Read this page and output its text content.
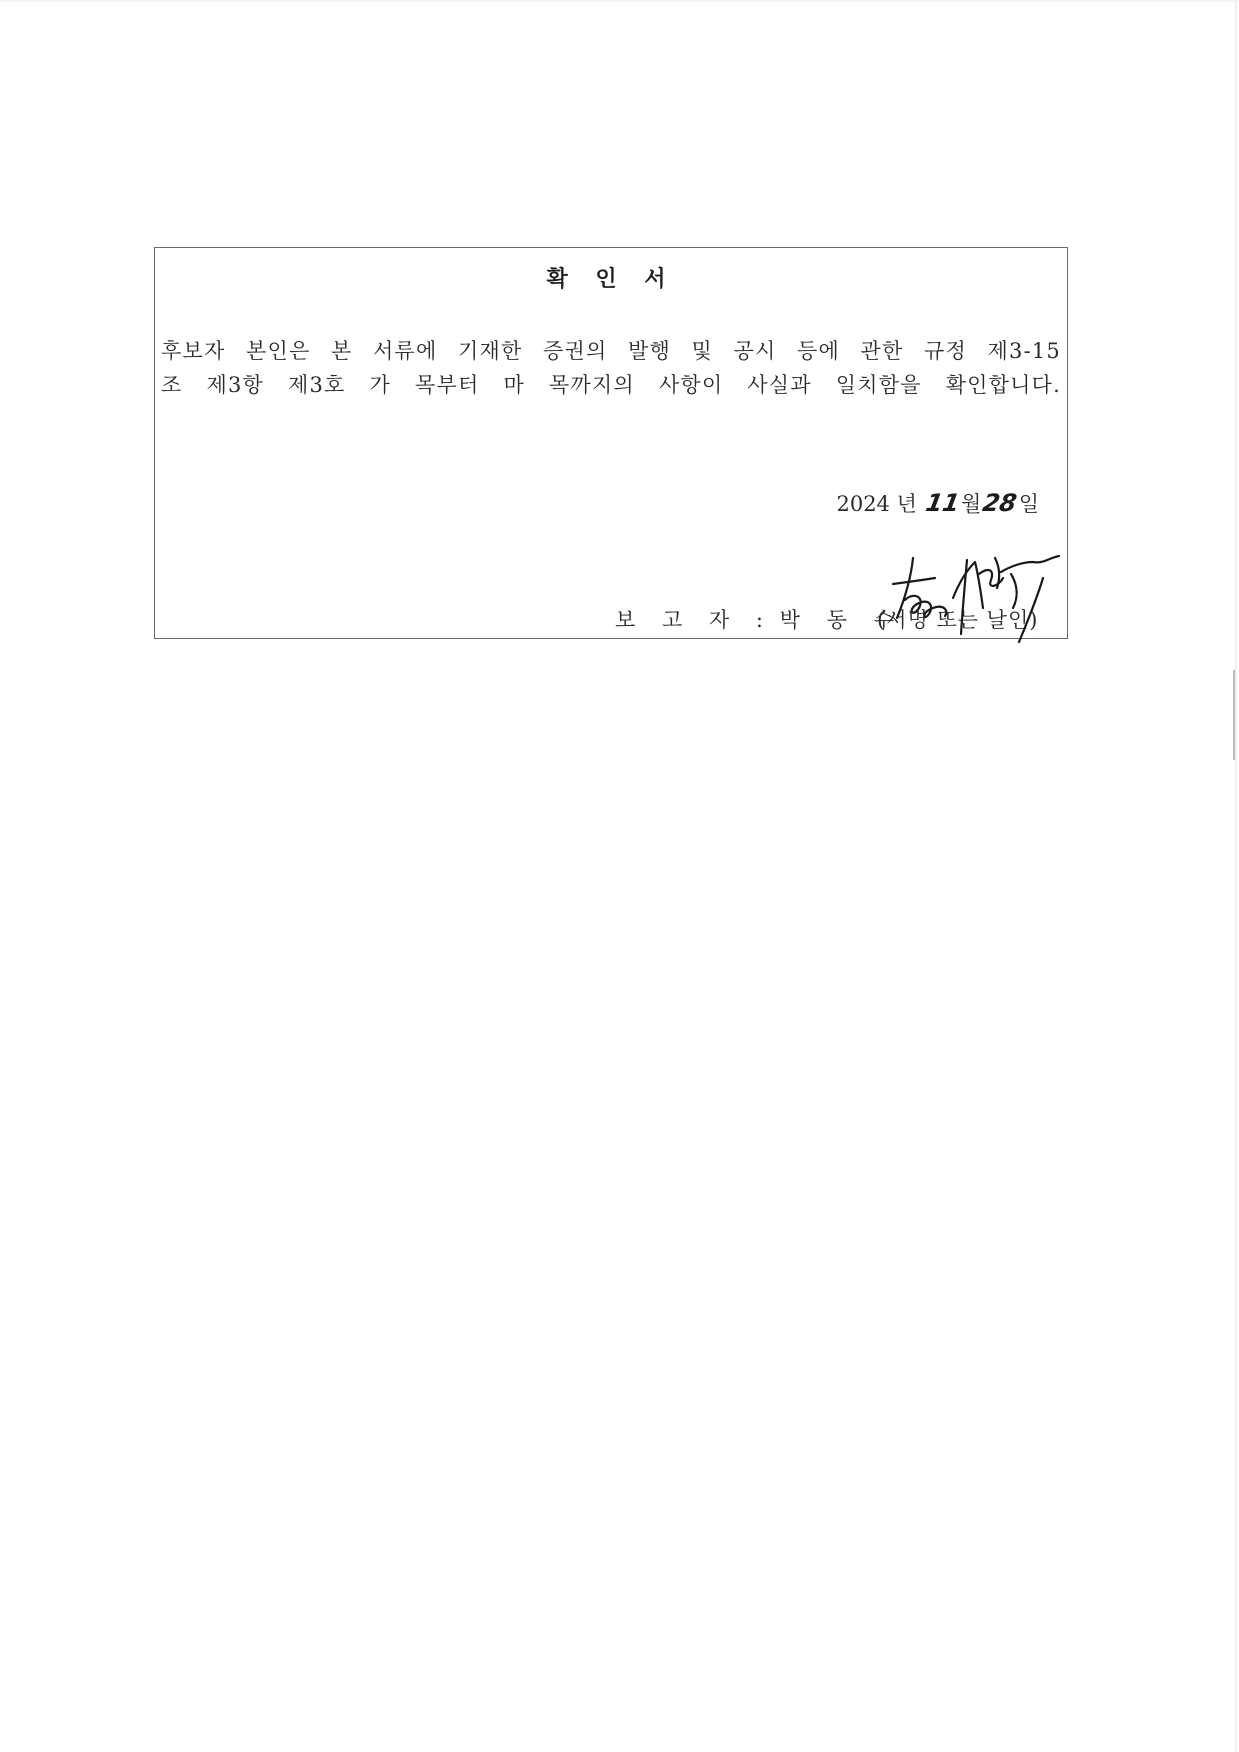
확 인 서
후보자 본인은 본 서류에 기재한 증권의 발행 및 공시 등에 관한 규정 제3-15
조 제3항 제3호 가 목부터 마 목까지의 사항이 사실과 일치함을 확인합니다.
2024 년 11월28일
보 고 자 : 박 동 수
(서명 또는 날인)
